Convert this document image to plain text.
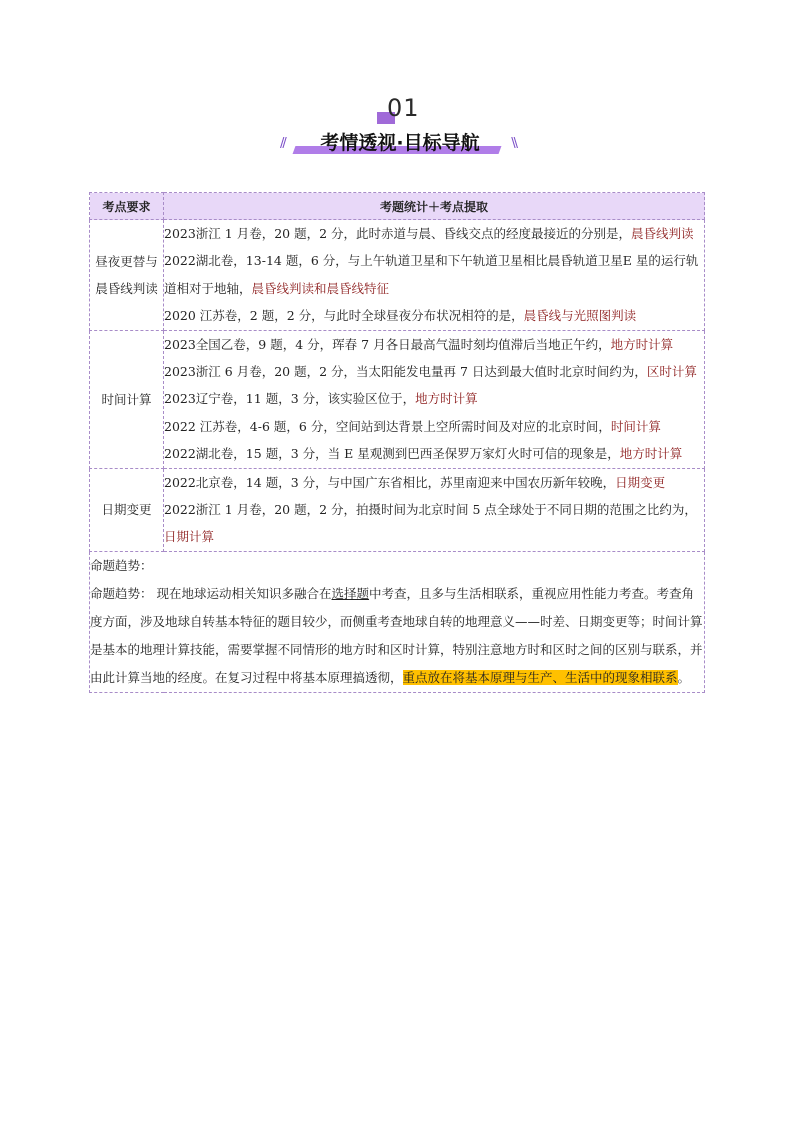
01
//	考情透视·目标导航	\\
考点要求	考题统计＋考点提取
昼夜更替与晨昏线判读	2023浙江 1 月卷，20 题，2 分，此时赤道与晨、昏线交点的经度最接近的分别是，晨昏线判读
2022湖北卷，13-14 题，6 分，与上午轨道卫星和下午轨道卫星相比晨昏轨道卫星E 星的运行轨道相对于地轴，晨昏线判读和晨昏线特征
2020 江苏卷，2 题，2 分，与此时全球昼夜分布状况相符的是，晨昏线与光照图判读

时间计算	2023全国乙卷，9 题，4 分，珲春 7 月各日最高气温时刻均值滞后当地正午约，地方时计算
2023浙江 6 月卷，20 题，2 分，当太阳能发电量再 7 日达到最大值时北京时间约为，区时计算
2023辽宁卷，11 题，3 分，该实验区位于，地方时计算
2022 江苏卷，4-6 题，6 分，空间站到达背景上空所需时间及对应的北京时间，时间计算
2022湖北卷，15 题，3 分，当 E 星观测到巴西圣保罗万家灯火时可信的现象是，地方时计算

日期变更	2022北京卷，14 题，3 分，与中国广东省相比，苏里南迎来中国农历新年较晚，日期变更
2022浙江 1 月卷，20 题，2 分，拍摄时间为北京时间 5 点全球处于不同日期的范围之比约为，日期计算

命题趋势：
命题趋势： 现在地球运动相关知识多融合在选择题中考查，且多与生活相联系，重视应用性能力考查。考查角度方面，涉及地球自转基本特征的题目较少，而侧重考查地球自转的地理意义——时差、日期变更等；时间计算是基本的地理计算技能，需要掌握不同情形的地方时和区时计算，特别注意地方时和区时之间的区别与联系，并由此计算当地的经度。在复习过程中将基本原理搞透彻，重点放在将基本原理与生产、生活中的现象相联系。	
